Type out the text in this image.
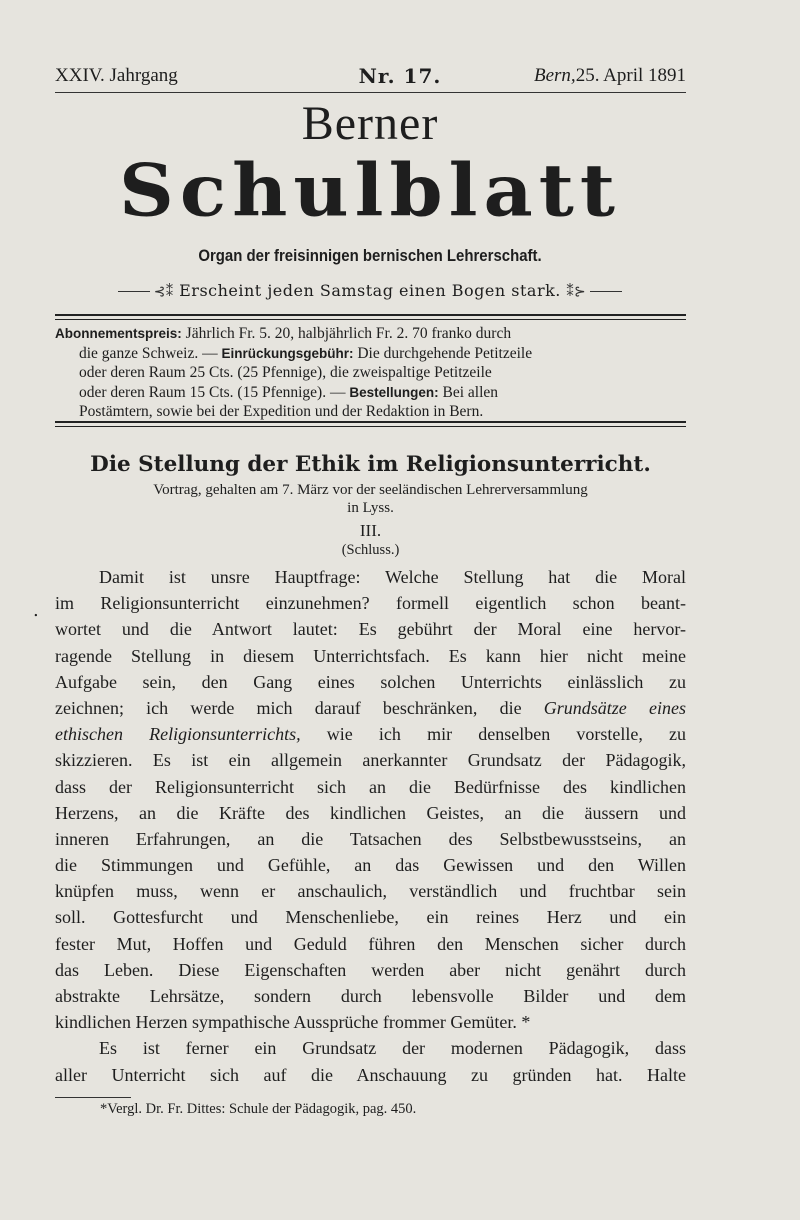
XXIV. Jahrgang	Nr. 17.	Bern,25. April 1891
Berner
Schulblatt
Organ der freisinnigen bernischen Lehrerschaft.
⊰⁑ Erscheint jeden Samstag einen Bogen stark. ⁑⊱
Abonnementspreis: Jährlich Fr. 5. 20, halbjährlich Fr. 2. 70 franko durch
die ganze Schweiz. — Einrückungsgebühr: Die durchgehende Petitzeile
oder deren Raum 25 Cts. (25 Pfennige), die zweispaltige Petitzeile
oder deren Raum 15 Cts. (15 Pfennige). — Bestellungen: Bei allen
Postämtern, sowie bei der Expedition und der Redaktion in Bern.
Die Stellung der Ethik im Religionsunterricht.
Vortrag, gehalten am 7. März vor der seeländischen Lehrerversammlung
in Lyss.
III.
(Schluss.)
.
Damit ist unsre Hauptfrage: Welche Stellung hat die Moral
im Religionsunterricht einzunehmen? formell eigentlich schon beant-
wortet und die Antwort lautet: Es gebührt der Moral eine hervor-
ragende Stellung in diesem Unterrichtsfach. Es kann hier nicht meine
Aufgabe sein, den Gang eines solchen Unterrichts einlässlich zu
zeichnen; ich werde mich darauf beschränken, die Grundsätze eines
ethischen Religionsunterrichts, wie ich mir denselben vorstelle, zu
skizzieren. Es ist ein allgemein anerkannter Grundsatz der Pädagogik,
dass der Religionsunterricht sich an die Bedürfnisse des kindlichen
Herzens, an die Kräfte des kindlichen Geistes, an die äussern und
inneren Erfahrungen, an die Tatsachen des Selbstbewusstseins, an
die Stimmungen und Gefühle, an das Gewissen und den Willen
knüpfen muss, wenn er anschaulich, verständlich und fruchtbar sein
soll. Gottesfurcht und Menschenliebe, ein reines Herz und ein
fester Mut, Hoffen und Geduld führen den Menschen sicher durch
das Leben. Diese Eigenschaften werden aber nicht genährt durch
abstrakte Lehrsätze, sondern durch lebensvolle Bilder und dem
kindlichen Herzen sympathische Aussprüche frommer Gemüter. *
Es ist ferner ein Grundsatz der modernen Pädagogik, dass
aller Unterricht sich auf die Anschauung zu gründen hat. Halte
*Vergl. Dr. Fr. Dittes: Schule der Pädagogik, pag. 450.
